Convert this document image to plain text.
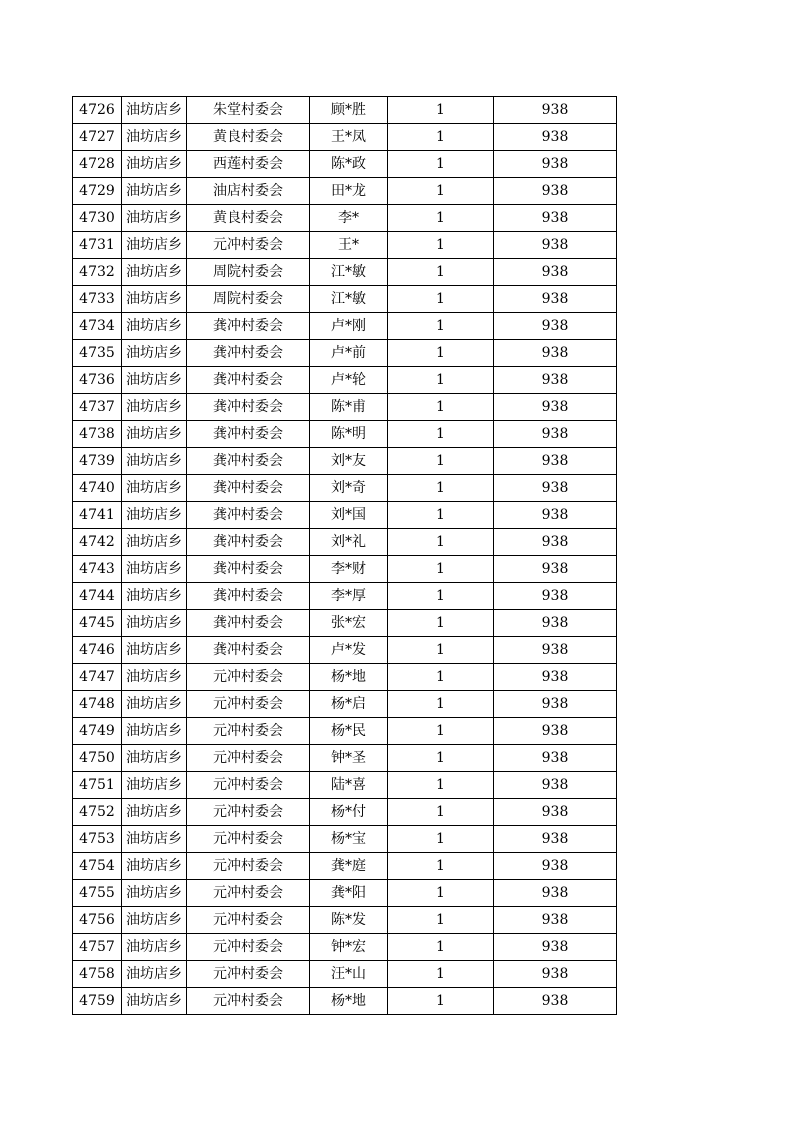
4726	油坊店乡	朱堂村委会	顾*胜	1	938
4727	油坊店乡	黄良村委会	王*凤	1	938
4728	油坊店乡	西莲村委会	陈*政	1	938
4729	油坊店乡	油店村委会	田*龙	1	938
4730	油坊店乡	黄良村委会	李*	1	938
4731	油坊店乡	元冲村委会	王*	1	938
4732	油坊店乡	周院村委会	江*敏	1	938
4733	油坊店乡	周院村委会	江*敏	1	938
4734	油坊店乡	龚冲村委会	卢*刚	1	938
4735	油坊店乡	龚冲村委会	卢*前	1	938
4736	油坊店乡	龚冲村委会	卢*轮	1	938
4737	油坊店乡	龚冲村委会	陈*甫	1	938
4738	油坊店乡	龚冲村委会	陈*明	1	938
4739	油坊店乡	龚冲村委会	刘*友	1	938
4740	油坊店乡	龚冲村委会	刘*奇	1	938
4741	油坊店乡	龚冲村委会	刘*国	1	938
4742	油坊店乡	龚冲村委会	刘*礼	1	938
4743	油坊店乡	龚冲村委会	李*财	1	938
4744	油坊店乡	龚冲村委会	李*厚	1	938
4745	油坊店乡	龚冲村委会	张*宏	1	938
4746	油坊店乡	龚冲村委会	卢*发	1	938
4747	油坊店乡	元冲村委会	杨*地	1	938
4748	油坊店乡	元冲村委会	杨*启	1	938
4749	油坊店乡	元冲村委会	杨*民	1	938
4750	油坊店乡	元冲村委会	钟*圣	1	938
4751	油坊店乡	元冲村委会	陆*喜	1	938
4752	油坊店乡	元冲村委会	杨*付	1	938
4753	油坊店乡	元冲村委会	杨*宝	1	938
4754	油坊店乡	元冲村委会	龚*庭	1	938
4755	油坊店乡	元冲村委会	龚*阳	1	938
4756	油坊店乡	元冲村委会	陈*发	1	938
4757	油坊店乡	元冲村委会	钟*宏	1	938
4758	油坊店乡	元冲村委会	汪*山	1	938
4759	油坊店乡	元冲村委会	杨*地	1	938
